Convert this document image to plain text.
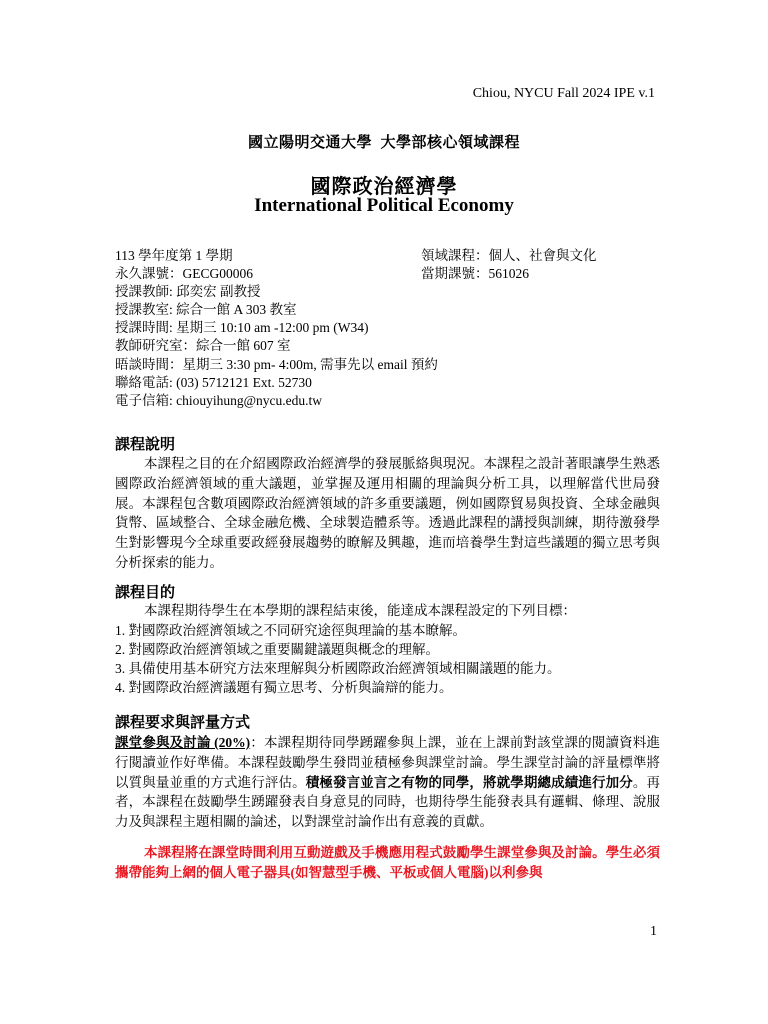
Chiou, NYCU Fall 2024 IPE v.1
國立陽明交通大學  大學部核心領域課程
國際政治經濟學
International Political Economy
113 學年度第 1 學期	領域課程：個人、社會與文化
永久課號：GECG00006	當期課號：561026
授課教師: 邱奕宏 副教授
授課教室: 綜合一館 A 303 教室
授課時間: 星期三 10:10 am -12:00 pm (W34)
教師研究室：綜合一館 607 室
晤談時間：星期三 3:30 pm- 4:00m, 需事先以 email 預約
聯絡電話: (03) 5712121 Ext. 52730
電子信箱: chiouyihung@nycu.edu.tw
課程說明
本課程之目的在介紹國際政治經濟學的發展脈絡與現況。本課程之設計著眼讓學生熟悉國際政治經濟領域的重大議題，並掌握及運用相關的理論與分析工具，以理解當代世局發展。本課程包含數項國際政治經濟領域的許多重要議題，例如國際貿易與投資、全球金融與貨幣、區域整合、全球金融危機、全球製造體系等。透過此課程的講授與訓練，期待激發學生對影響現今全球重要政經發展趨勢的瞭解及興趣，進而培養學生對這些議題的獨立思考與分析探索的能力。
課程目的
本課程期待學生在本學期的課程結束後，能達成本課程設定的下列目標：
1. 對國際政治經濟領域之不同研究途徑與理論的基本瞭解。
2. 對國際政治經濟領域之重要關鍵議題與概念的理解。
3. 具備使用基本研究方法來理解與分析國際政治經濟領域相關議題的能力。
4. 對國際政治經濟議題有獨立思考、分析與論辯的能力。
課程要求與評量方式
課堂參與及討論 (20%)：本課程期待同學踴躍參與上課，並在上課前對該堂課的閱讀資料進行閱讀並作好準備。本課程鼓勵學生發問並積極參與課堂討論。學生課堂討論的評量標準將以質與量並重的方式進行評估。積極發言並言之有物的同學，將就學期總成績進行加分。再者，本課程在鼓勵學生踴躍發表自身意見的同時，也期待學生能發表具有邏輯、條理、說服力及與課程主題相關的論述，以對課堂討論作出有意義的貢獻。
本課程將在課堂時間利用互動遊戲及手機應用程式鼓勵學生課堂參與及討論。學生必須攜帶能夠上網的個人電子器具(如智慧型手機、平板或個人電腦)以利參與
1
